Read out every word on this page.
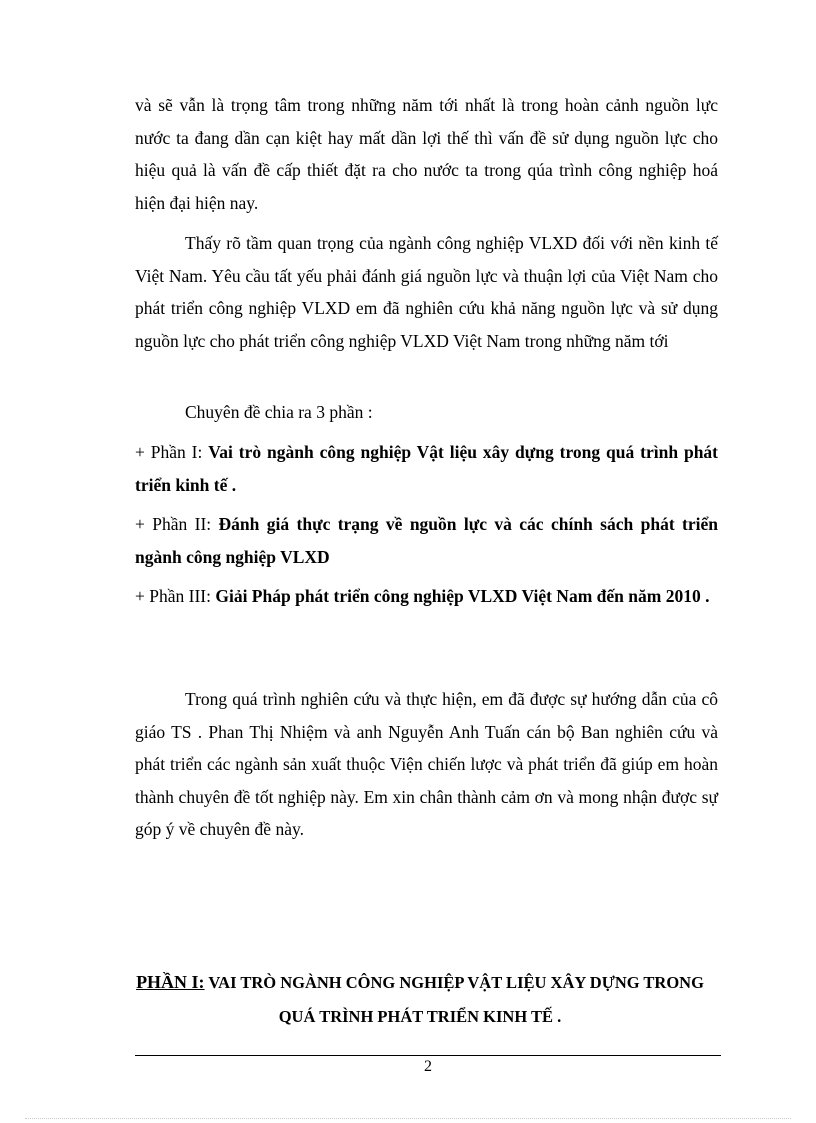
và sẽ vẫn là trọng tâm trong những năm tới nhất là trong hoàn cảnh nguồn lực nước ta đang dần cạn kiệt hay mất dần lợi thế thì vấn đề sử dụng nguồn lực cho hiệu quả là vấn đề cấp thiết đặt ra cho nước ta trong qúa trình công nghiệp hoá hiện đại hiện nay.
Thấy rõ tầm quan trọng của ngành công nghiệp VLXD đối với nền kinh tế Việt Nam. Yêu cầu tất yếu phải đánh giá nguồn lực và thuận lợi của Việt Nam cho phát triển công nghiệp VLXD em đã nghiên cứu khả năng nguồn lực và sử dụng nguồn lực cho phát triển công nghiệp VLXD Việt Nam trong những năm tới
Chuyên đề chia ra 3 phần :
+ Phần I: Vai trò ngành công nghiệp Vật liệu xây dựng trong quá trình phát triển kinh tế .
+ Phần II: Đánh giá thực trạng về nguồn lực và các chính sách phát triển ngành công nghiệp VLXD
+ Phần III: Giải Pháp phát triển công nghiệp VLXD Việt Nam đến năm 2010 .
Trong quá trình nghiên cứu và thực hiện, em đã được sự hướng dẫn của cô giáo TS . Phan Thị Nhiệm và anh Nguyễn Anh Tuấn cán bộ Ban nghiên cứu và phát triển các ngành sản xuất thuộc Viện chiến lược và phát triển đã giúp em hoàn thành chuyên đề tốt nghiệp này. Em xin chân thành cảm ơn và mong nhận được sự góp ý về chuyên đề này.
PHẦN I: VAI TRÒ NGÀNH CÔNG NGHIỆP VẬT LIỆU XÂY DỰNG TRONG QUÁ TRÌNH PHÁT TRIỂN KINH TẾ .
2
